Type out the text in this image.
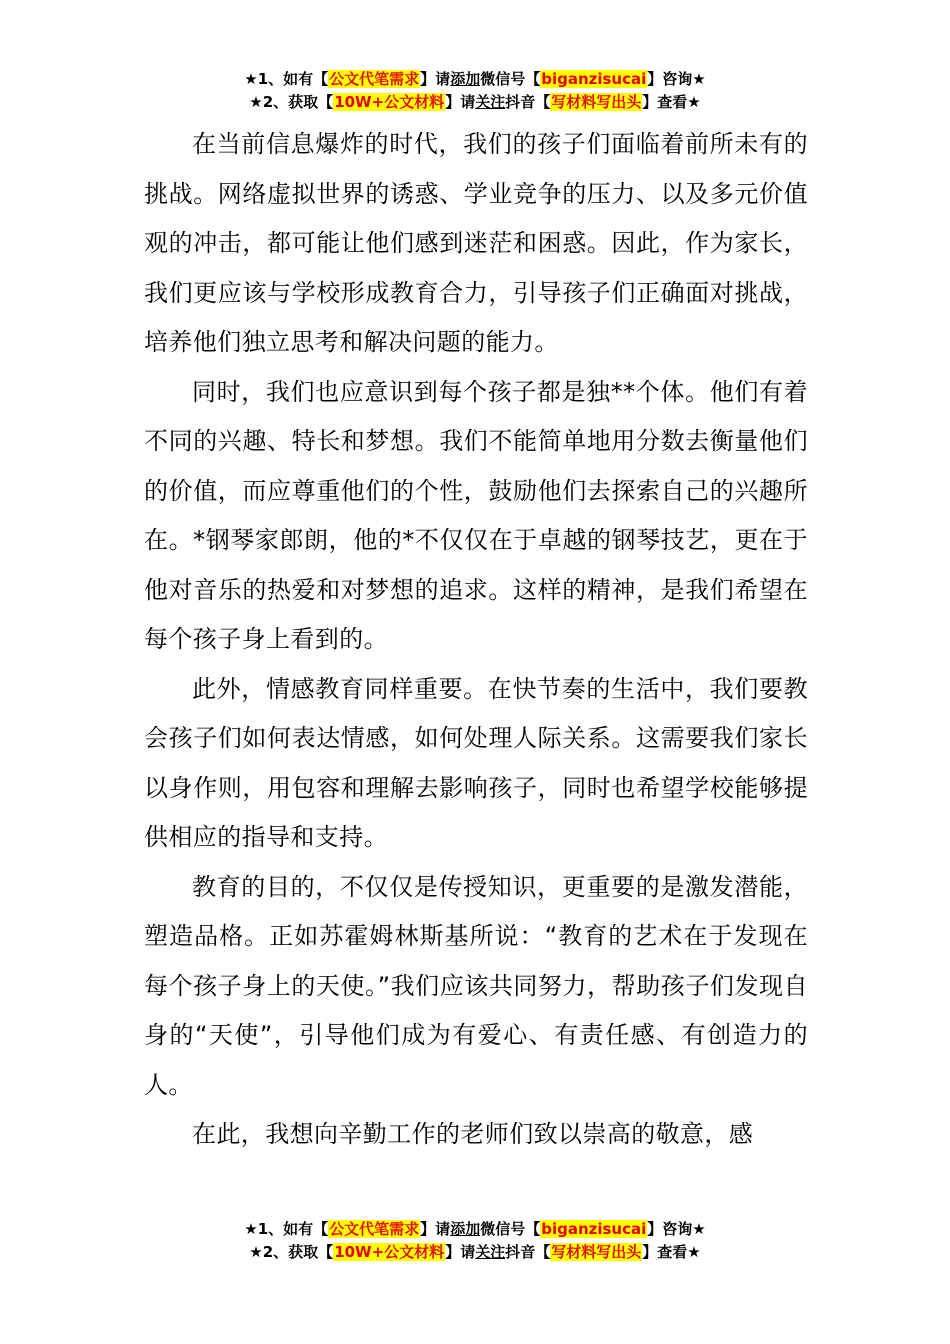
★1、如有【公文代笔需求】请添加微信号【biganzisucai】咨询★
★2、获取【10W+公文材料】请关注抖音【写材料写出头】查看★

在当前信息爆炸的时代，我们的孩子们面临着前所未有的挑战。网络虚拟世界的诱惑、学业竞争的压力、以及多元价值观的冲击，都可能让他们感到迷茫和困惑。因此，作为家长，我们更应该与学校形成教育合力，引导孩子们正确面对挑战，培养他们独立思考和解决问题的能力。

同时，我们也应意识到每个孩子都是独**个体。他们有着不同的兴趣、特长和梦想。我们不能简单地用分数去衡量他们的价值，而应尊重他们的个性，鼓励他们去探索自己的兴趣所在。*钢琴家郎朗，他的*不仅仅在于卓越的钢琴技艺，更在于他对音乐的热爱和对梦想的追求。这样的精神，是我们希望在每个孩子身上看到的。

此外，情感教育同样重要。在快节奏的生活中，我们要教会孩子们如何表达情感，如何处理人际关系。这需要我们家长以身作则，用包容和理解去影响孩子，同时也希望学校能够提供相应的指导和支持。

教育的目的，不仅仅是传授知识，更重要的是激发潜能，塑造品格。正如苏霍姆林斯基所说：“教育的艺术在于发现在每个孩子身上的天使。”我们应该共同努力，帮助孩子们发现自身的“天使”，引导他们成为有爱心、有责任感、有创造力的人。

在此，我想向辛勤工作的老师们致以崇高的敬意，感

★1、如有【公文代笔需求】请添加微信号【biganzisucai】咨询★
★2、获取【10W+公文材料】请关注抖音【写材料写出头】查看★
